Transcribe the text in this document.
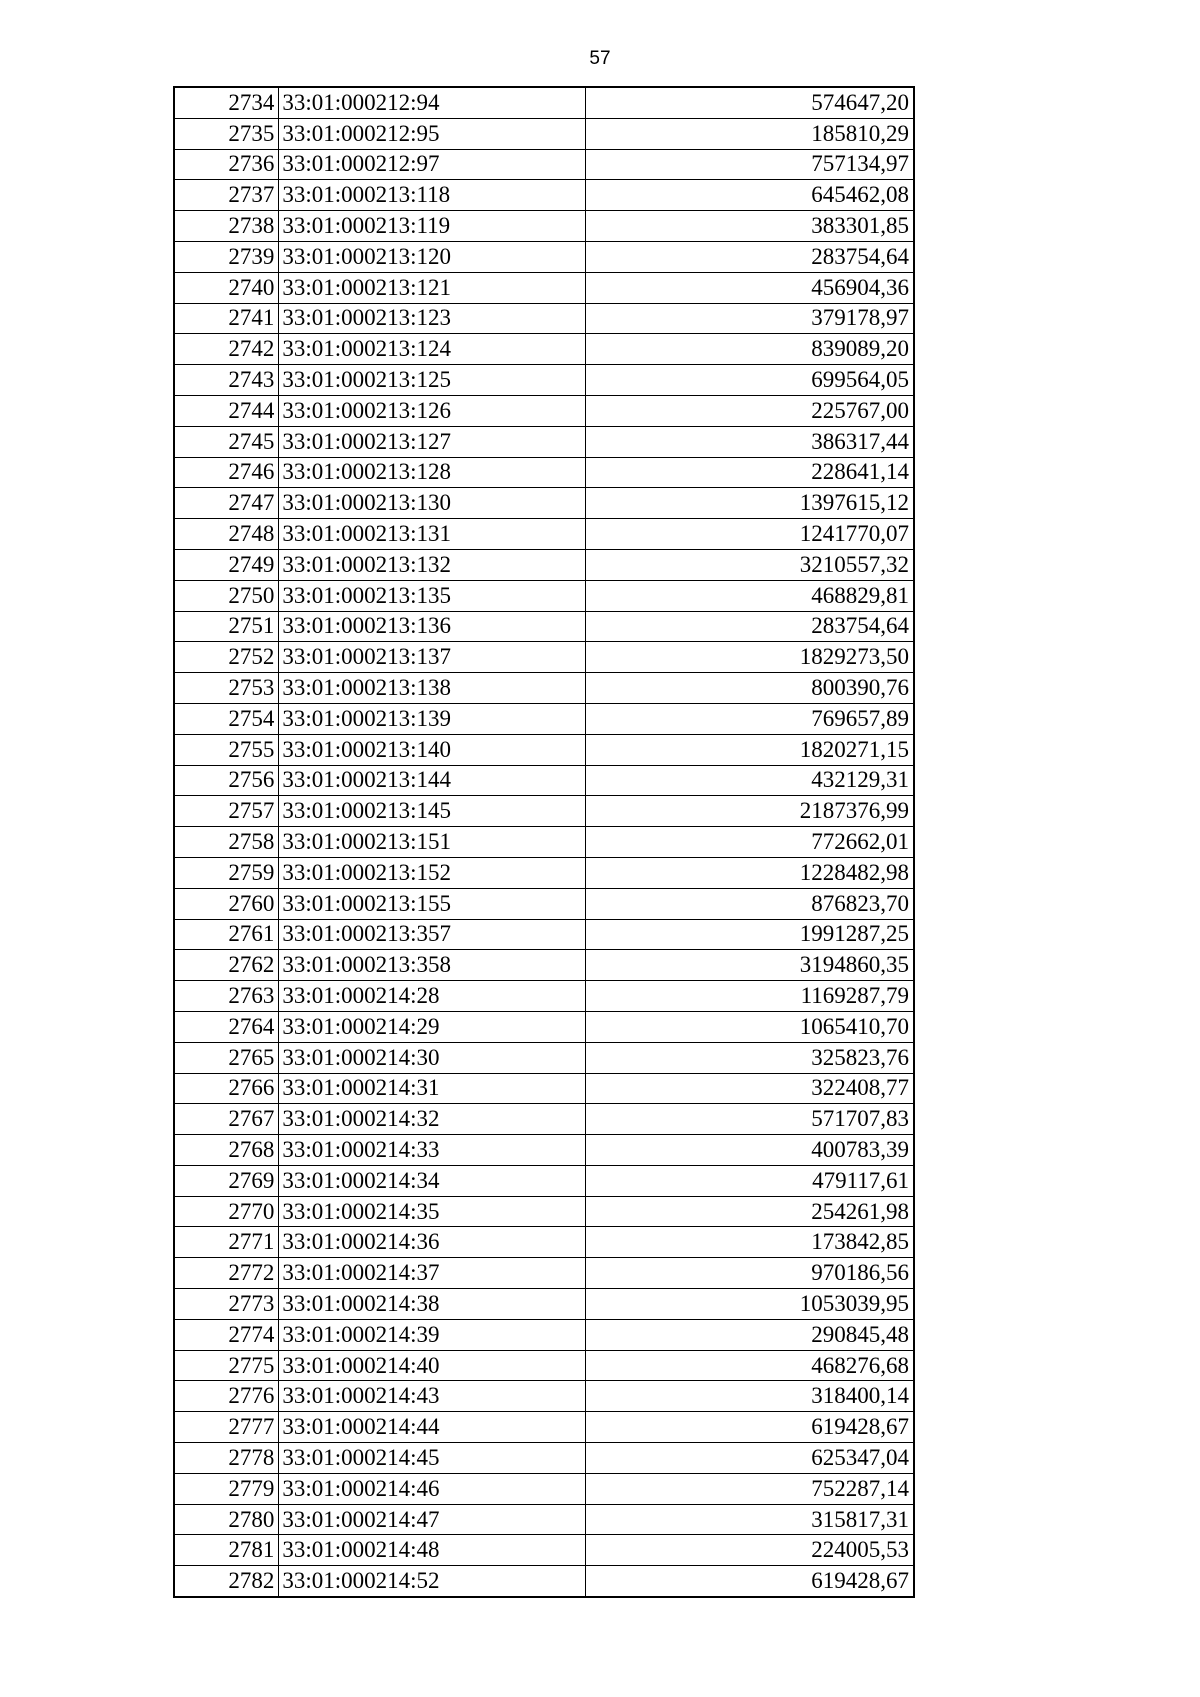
57
2734	33:01:000212:94	574647,20
2735	33:01:000212:95	185810,29
2736	33:01:000212:97	757134,97
2737	33:01:000213:118	645462,08
2738	33:01:000213:119	383301,85
2739	33:01:000213:120	283754,64
2740	33:01:000213:121	456904,36
2741	33:01:000213:123	379178,97
2742	33:01:000213:124	839089,20
2743	33:01:000213:125	699564,05
2744	33:01:000213:126	225767,00
2745	33:01:000213:127	386317,44
2746	33:01:000213:128	228641,14
2747	33:01:000213:130	1397615,12
2748	33:01:000213:131	1241770,07
2749	33:01:000213:132	3210557,32
2750	33:01:000213:135	468829,81
2751	33:01:000213:136	283754,64
2752	33:01:000213:137	1829273,50
2753	33:01:000213:138	800390,76
2754	33:01:000213:139	769657,89
2755	33:01:000213:140	1820271,15
2756	33:01:000213:144	432129,31
2757	33:01:000213:145	2187376,99
2758	33:01:000213:151	772662,01
2759	33:01:000213:152	1228482,98
2760	33:01:000213:155	876823,70
2761	33:01:000213:357	1991287,25
2762	33:01:000213:358	3194860,35
2763	33:01:000214:28	1169287,79
2764	33:01:000214:29	1065410,70
2765	33:01:000214:30	325823,76
2766	33:01:000214:31	322408,77
2767	33:01:000214:32	571707,83
2768	33:01:000214:33	400783,39
2769	33:01:000214:34	479117,61
2770	33:01:000214:35	254261,98
2771	33:01:000214:36	173842,85
2772	33:01:000214:37	970186,56
2773	33:01:000214:38	1053039,95
2774	33:01:000214:39	290845,48
2775	33:01:000214:40	468276,68
2776	33:01:000214:43	318400,14
2777	33:01:000214:44	619428,67
2778	33:01:000214:45	625347,04
2779	33:01:000214:46	752287,14
2780	33:01:000214:47	315817,31
2781	33:01:000214:48	224005,53
2782	33:01:000214:52	619428,67
